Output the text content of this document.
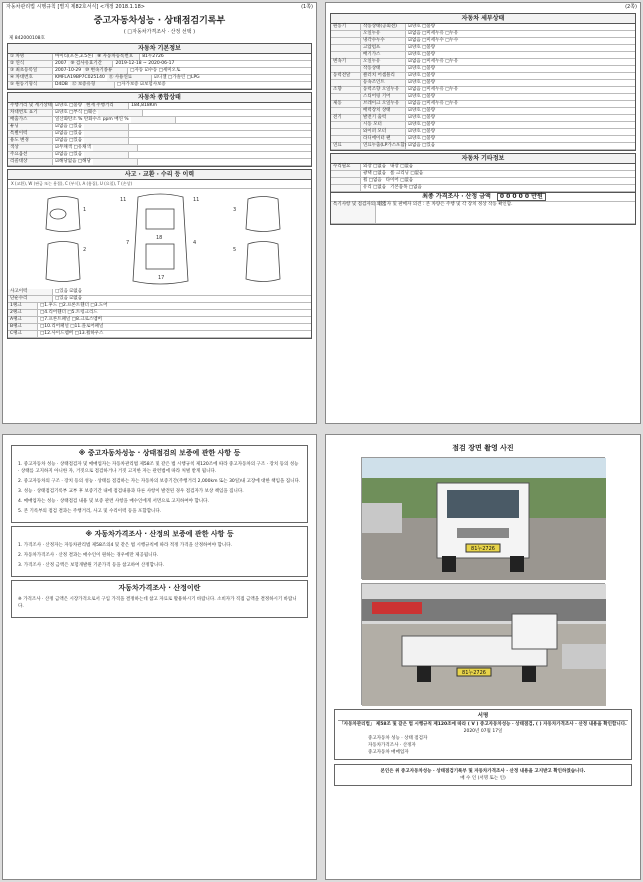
자동차관리법 시행규칙 [별지 제82호서식] <개정 2018.1.18>	(1쪽)
중고자동차성능 · 상태점검기록부
( □자동차가격조사 · 산정 선택 )
제 842000108호
자동차 기본정보
① 차명	마이티(포톤,3.5톤) ⑧ 자동차등록번호	81누2726
② 연식	2007 ⑨ 검사유효기간	2019-12-18 ~ 2020-06-17
③ 최초등록일	2007-10-29 ⑩ 변속기종류	□자동 ☑수동 □세미오토
④ 차대번호	KMFLA19BP7C025140 ⑪ 사용연료	☑디젤 □가솔린 □LPG
⑤ 원동기형식	D4DB ⑫ 보증유형	□자가보증 ☑보험사보증
자동차 종합상태
주행거리 및 계기상태 ☑양호 □불량 현재 주행거리	184,818Km
차대번호 표기	☑양호 □부식 □훼손
배출가스	일산화탄소 % 탄화수소 ppm 매연 %
튜닝	☑없음 □있음
특별이력	☑없음 □있음
용도 변경	☑없음 □있음
색상	☑무채색 □유채색
주요옵션	☑없음 □있음
리콜대상	☑해당없음 □해당
사고 · 교환 · 수리 등 이력
X (교환), W (판금 또는 용접), C (부식), A (흠집), U (요철), T (손상)
1
2
11	11
18
7	4
17
3
5
사고이력	□있음 ☑없음
단순수리	□있음 ☑없음
1랭크	□1.후드 □2.프론트휀더 □3.도어
2랭크	□4.리어휀더 □5.트렁크리드
A랭크	□7.프론트패널 □8.크로스멤버
B랭크	□10.리어패널 □11.플로어패널
C랭크	□12.사이드멤버 □13.휠하우스
(2쪽)
자동차 세부상태
원동기	작동상태(공회전)	☑양호 □불량
오일누유	☑없음 □미세누유 □누유
냉각수누수	☑없음 □미세누수 □누수
고압펌프	☑양호 □불량
배기가스	☑양호 □불량
변속기	오일누유	☑없음 □미세누유 □누유
작동상태	☑양호 □불량
동력전달	클러치 어셈블리	☑양호 □불량
등속조인트	☑양호 □불량
조향	동력조향 오일누유	☑없음 □미세누유 □누유
스티어링 기어	☑양호 □불량
제동	브레이크 오일누유	☑없음 □미세누유 □누유
배력장치 상태	☑양호 □불량
전기	발전기 출력	☑양호 □불량
시동 모터	☑양호 □불량
와이퍼 모터	☑양호 □불량
라디에이터 팬	☑양호 □불량
연료	연료누출(LP가스포함) ☑없음 □있음
자동차 기타정보
수리필요	외장 □없음 내장 □없음
광택 □없음 룸 크리닝 □없음
휠 □없음 타이어 □없음
유리 □없음 기본품목 □없음
최종 가격조사 · 산정 금액	0 0 0 0 0 만원
특기사항 및 점검자의 의견
점검자 및 판매자 의견 : 본 차량은 주행 및 각 장치 정상 작동 확인함.
※ 중고자동차성능 · 상태점검의 보증에 관한 사항 등

1. 중고자동차 성능 · 상태점검자 및 매매업자는 자동차관리법 제58조 및 같은 법 시행규칙 제120조에 따라 중고자동차의 구조 · 장치 등의 성능 · 상태를 고지하지 아니한 자, 거짓으로 점검하거나 거짓 고지한 자는 관련법에 따라 처벌 받게 됩니다.

2. 중고자동차의 구조 · 장치 등의 성능 · 상태를 점검하는 자는 자동차의 보증기간(주행거리 2,000km 또는 30일)내 고장에 대한 책임을 집니다.

3. 성능 · 상태점검기록부 교부 후 보증기간 내에 점검내용과 다른 사항이 발견된 경우 점검자가 보상 책임을 집니다.

4. 매매업자는 성능 · 상태점검 내용 및 보증 관련 사항을 매수인에게 서면으로 고지하여야 합니다.

5. 본 기록부의 점검 결과는 주행거리, 사고 및 수리이력 등을 포함합니다.

※ 자동차가격조사 · 산정의 보증에 관한 사항 등

1. 가격조사 · 산정자는 자동차관리법 제58조의4 및 같은 법 시행규칙에 따라 적정 가격을 산정하여야 합니다.

2. 자동차가격조사 · 산정 결과는 매수인이 원하는 경우에만 제공됩니다.

3. 가격조사 · 산정 금액은 보험개발원 기준가격 등을 참고하여 산정합니다.

자동차가격조사 · 산정이란

※ 가격조사 · 산정 금액은 시장가격으로서 구입 가격을 결정하는데 참고 자료로 활용하시기 바랍니다. 소비자가 직접 금액을 결정하시기 바랍니다.

점검 장면 촬영 사진
81누2726
81누2726
서명

「자동차관리법」 제58조 및 같은 법 시행규칙 제120조에 따라 ( V ) 중고자동차성능 · 상태점검, ( ) 자동차가격조사 · 산정 내용을 확인합니다.

2020년 07월 17일

중고자동차 성능 · 상태 점검자

자동차가격조사 · 산정자

중고자동차 매매업자

본인은 위 중고자동차성능 · 상태점검기록부 및 자동차가격조사 · 산정 내용을 고지받고 확인하였습니다.

매 수 인 (서명 또는 인)
